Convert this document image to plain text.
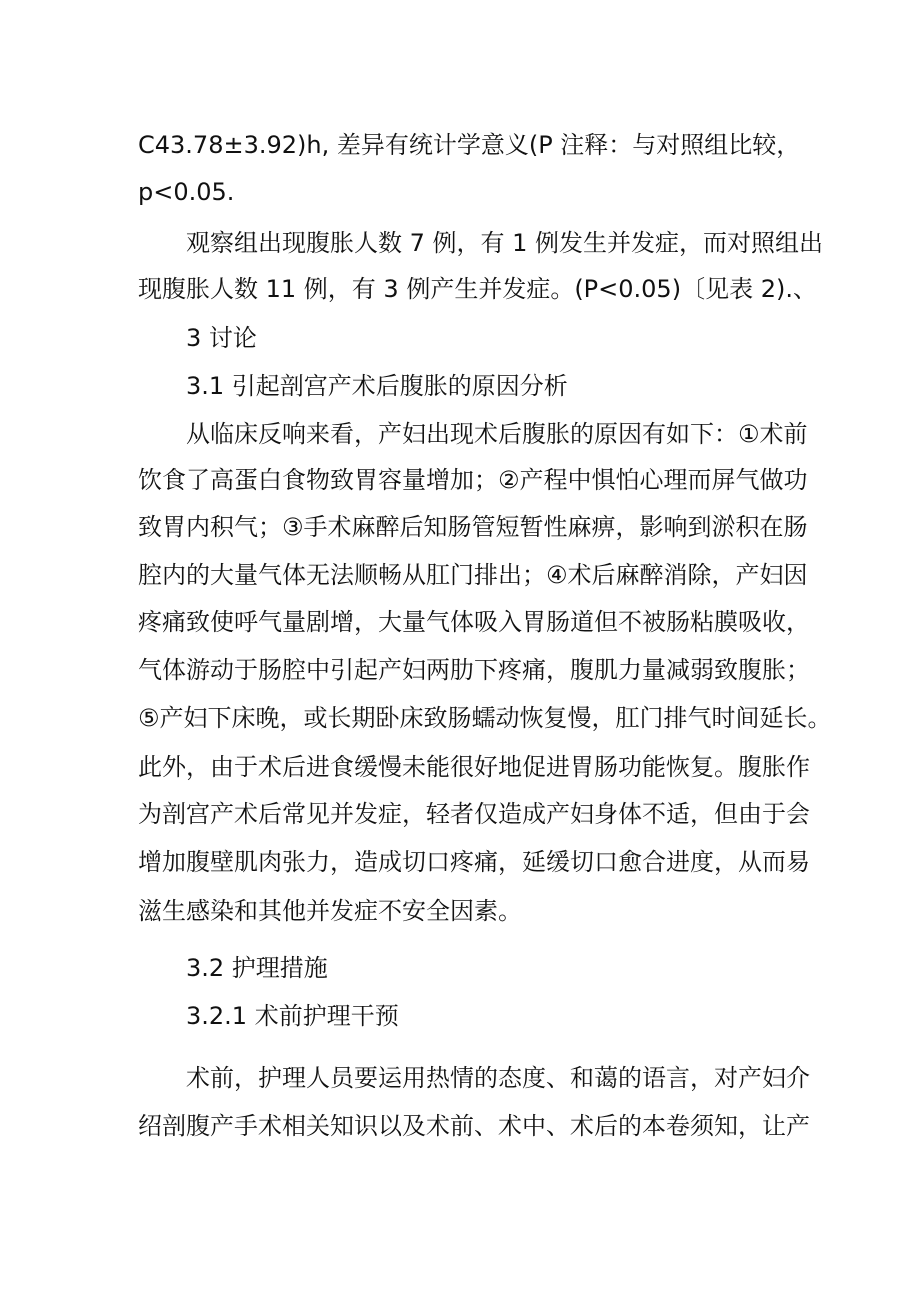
C43.78±3.92)h, 差异有统计学意义(P 注释：与对照组比较，
p<0.05.
观察组出现腹胀人数 7 例，有 1 例发生并发症，而对照组出
现腹胀人数 11 例，有 3 例产生并发症。(P<0.05)〔见表 2).、
3 讨论
3.1 引起剖宫产术后腹胀的原因分析
从临床反响来看，产妇出现术后腹胀的原因有如下：①术前
饮食了高蛋白食物致胃容量增加；②产程中惧怕心理而屏气做功
致胃内积气；③手术麻醉后知肠管短暂性麻痹，影响到淤积在肠
腔内的大量气体无法顺畅从肛门排出；④术后麻醉消除，产妇因
疼痛致使呼气量剧增，大量气体吸入胃肠道但不被肠粘膜吸收，
气体游动于肠腔中引起产妇两肋下疼痛，腹肌力量减弱致腹胀；
⑤产妇下床晚，或长期卧床致肠蠕动恢复慢，肛门排气时间延长。
此外，由于术后进食缓慢未能很好地促进胃肠功能恢复。腹胀作
为剖宫产术后常见并发症，轻者仅造成产妇身体不适，但由于会
增加腹壁肌肉张力，造成切口疼痛，延缓切口愈合进度，从而易
滋生感染和其他并发症不安全因素。
3.2 护理措施
3.2.1 术前护理干预
术前，护理人员要运用热情的态度、和蔼的语言，对产妇介
绍剖腹产手术相关知识以及术前、术中、术后的本卷须知，让产
